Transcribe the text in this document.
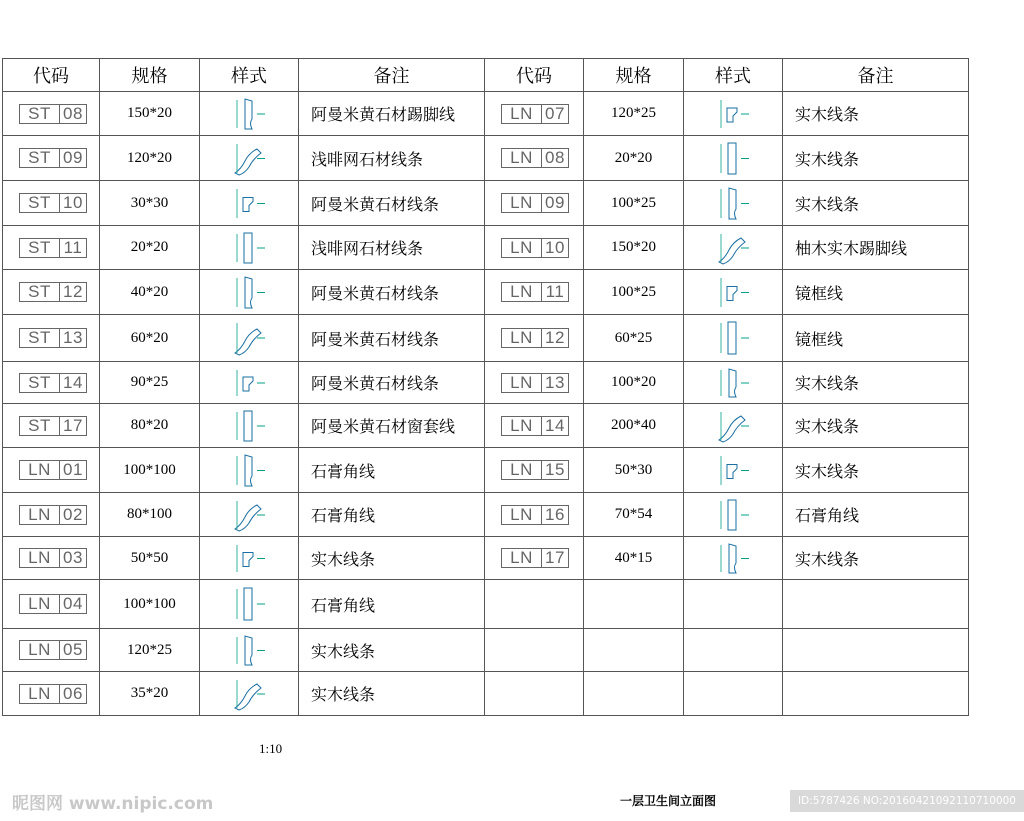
代码	规格	样式	备注	代码	规格	样式	备注

ST 08	150*20		阿曼米黄石材踢脚线	LN 07	120*25		实木线条

ST 09	120*20		浅啡网石材线条	LN 08	20*20		实木线条

ST 10	30*30		阿曼米黄石材线条	LN 09	100*25		实木线条

ST 11	20*20		浅啡网石材线条	LN 10	150*20		柚木实木踢脚线

ST 12	40*20		阿曼米黄石材线条	LN 11	100*25		镜框线

ST 13	60*20		阿曼米黄石材线条	LN 12	60*25		镜框线

ST 14	90*25		阿曼米黄石材线条	LN 13	100*20		实木线条

ST 17	80*20		阿曼米黄石材窗套线	LN 14	200*40		实木线条

LN 01	100*100		石膏角线	LN 15	50*30		实木线条

LN 02	80*100		石膏角线	LN 16	70*54		石膏角线

LN 03	50*50		实木线条	LN 17	40*15		实木线条

LN 04	100*100		石膏角线				

LN 05	120*25		实木线条				

LN 06	35*20		实木线条				
1:10
一层卫生间立面图
昵图网 www.nipic.com	ID:5787426 NO:20160421092110710000
